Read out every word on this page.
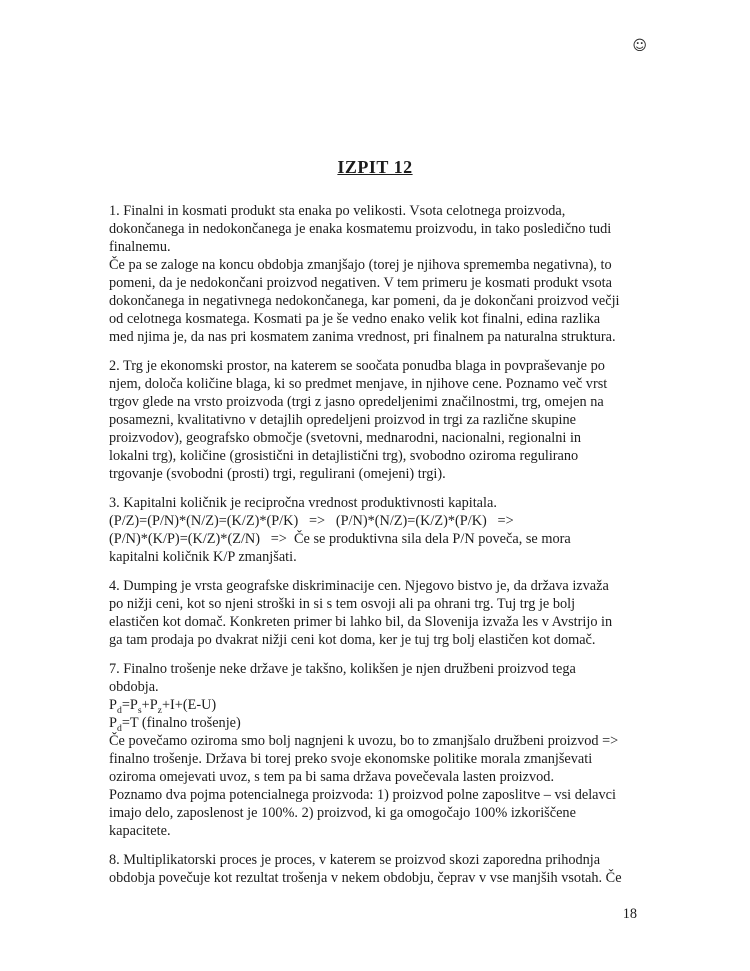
☺
IZPIT 12
1. Finalni in kosmati produkt sta enaka po velikosti. Vsota celotnega proizvoda,
dokončanega in nedokončanega je enaka kosmatemu proizvodu, in tako posledično tudi
finalnemu.
Če pa se zaloge na koncu obdobja zmanjšajo (torej je njihova sprememba negativna), to
pomeni, da je nedokončani proizvod negativen. V tem primeru je kosmati produkt vsota
dokončanega in negativnega nedokončanega, kar pomeni, da je dokončani proizvod večji
od celotnega kosmatega. Kosmati pa je še vedno enako velik kot finalni, edina razlika
med njima je, da nas pri kosmatem zanima vrednost, pri finalnem pa naturalna struktura.
2. Trg je ekonomski prostor, na katerem se soočata ponudba blaga in povpraševanje po
njem, določa količine blaga, ki so predmet menjave, in njihove cene. Poznamo več vrst
trgov glede na vrsto proizvoda (trgi z jasno opredeljenimi značilnostmi, trg, omejen na
posamezni, kvalitativno v detajlih opredeljeni proizvod in trgi za različne skupine
proizvodov), geografsko območje (svetovni, mednarodni, nacionalni, regionalni in
lokalni trg), količine (grosistični in detajlistični trg), svobodno oziroma regulirano
trgovanje (svobodni (prosti) trgi, regulirani (omejeni) trgi).
3. Kapitalni količnik je recipročna vrednost produktivnosti kapitala.
(P/Z)=(P/N)*(N/Z)=(K/Z)*(P/K)   =>   (P/N)*(N/Z)=(K/Z)*(P/K)   =>
(P/N)*(K/P)=(K/Z)*(Z/N)   =>  Če se produktivna sila dela P/N poveča, se mora
kapitalni količnik K/P zmanjšati.
4. Dumping je vrsta geografske diskriminacije cen. Njegovo bistvo je, da država izvaža
po nižji ceni, kot so njeni stroški in si s tem osvoji ali pa ohrani trg. Tuj trg je bolj
elastičen kot domač. Konkreten primer bi lahko bil, da Slovenija izvaža les v Avstrijo in
ga tam prodaja po dvakrat nižji ceni kot doma, ker je tuj trg bolj elastičen kot domač.
7. Finalno trošenje neke države je takšno, kolikšen je njen družbeni proizvod tega
obdobja.
$P_d=P_s+P_z+I+(E-U)$
$P_d=T$ (finalno trošenje)
Če povečamo oziroma smo bolj nagnjeni k uvozu, bo to zmanjšalo družbeni proizvod =>
finalno trošenje. Država bi torej preko svoje ekonomske politike morala zmanjševati
oziroma omejevati uvoz, s tem pa bi sama država povečevala lasten proizvod.
Poznamo dva pojma potencialnega proizvoda: 1) proizvod polne zaposlitve – vsi delavci
imajo delo, zaposlenost je 100%. 2) proizvod, ki ga omogočajo 100% izkoriščene
kapacitete.
8. Multiplikatorski proces je proces, v katerem se proizvod skozi zaporedna prihodnja
obdobja povečuje kot rezultat trošenja v nekem obdobju, čeprav v vse manjših vsotah. Če
18
